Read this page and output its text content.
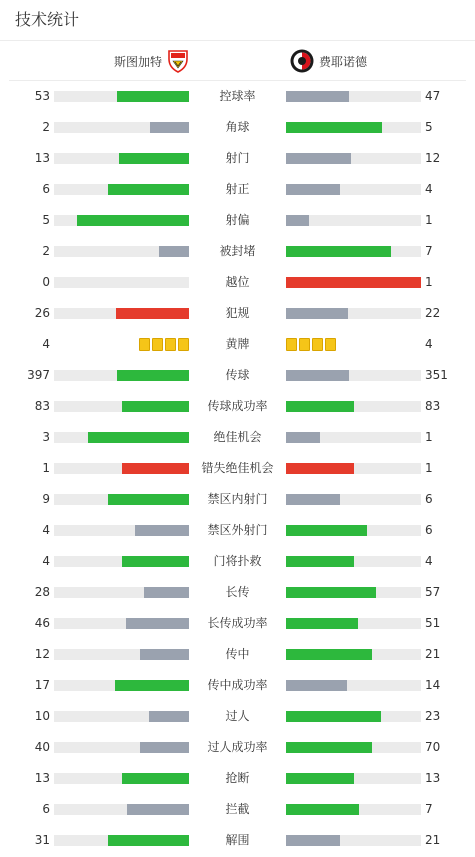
技术统计
斯图加特	费耶诺德
53	控球率	47
2	角球	5
13	射门	12
6	射正	4
5	射偏	1
2	被封堵	7
0	越位	1
26	犯规	22
4	黄牌	4
397	传球	351
83	传球成功率	83
3	绝佳机会	1
1	错失绝佳机会	1
9	禁区内射门	6
4	禁区外射门	6
4	门将扑救	4
28	长传	57
46	长传成功率	51
12	传中	21
17	传中成功率	14
10	过人	23
40	过人成功率	70
13	抢断	13
6	拦截	7
31	解围	21
